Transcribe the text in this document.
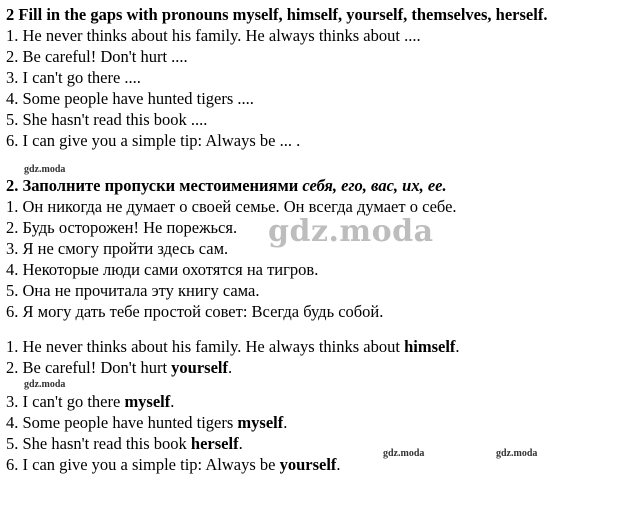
2 Fill in the gaps with pronouns myself, himself, yourself, themselves, herself.
1. He never thinks about his family. He always thinks about ....
2. Be careful! Don't hurt ....
3. I can't go there ....
4. Some people have hunted tigers ....
5. She hasn't read this book ....
6. I can give you a simple tip: Always be ... .
gdz.moda
2. Заполните пропуски местоимениями себя, его, вас, их, ее.
1. Он никогда не думает о своей семье. Он всегда думает о себе.
2. Будь осторожен! Не порежься.
3. Я не смогу пройти здесь сам.
4. Некоторые люди сами охотятся на тигров.
5. Она не прочитала эту книгу сама.
6. Я могу дать тебе простой совет: Всегда будь собой.
gdz.moda
1. He never thinks about his family. He always thinks about himself.
2. Be careful! Don't hurt yourself.
gdz.moda
3. I can't go there myself.
4. Some people have hunted tigers myself.
5. She hasn't read this book herself.
gdz.moda	gdz.moda
6. I can give you a simple tip: Always be yourself.
